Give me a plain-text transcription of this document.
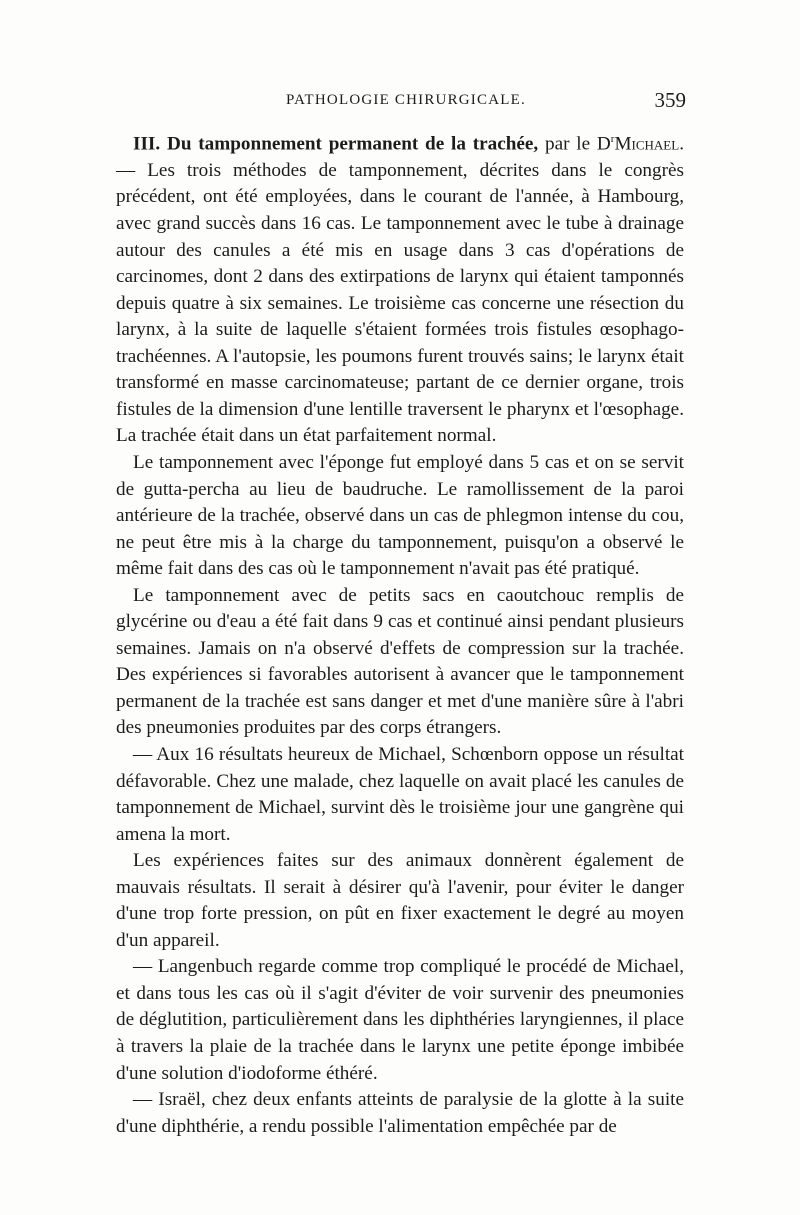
PATHOLOGIE CHIRURGICALE.	359

III. Du tamponnement permanent de la trachée, par le $D^rMichael$. — Les trois méthodes de tamponnement, décrites dans le congrès précédent, ont été employées, dans le courant de l'année, à Hambourg, avec grand succès dans 16 cas. Le tamponnement avec le tube à drainage autour des canules a été mis en usage dans 3 cas d'opérations de carcinomes, dont 2 dans des extirpations de larynx qui étaient tamponnés depuis quatre à six semaines. Le troisième cas concerne une résection du larynx, à la suite de laquelle s'étaient formées trois fistules œsophago-trachéennes. A l'autopsie, les poumons furent trouvés sains; le larynx était transformé en masse carcinomateuse; partant de ce dernier organe, trois fistules de la dimension d'une lentille traversent le pharynx et l'œsophage. La trachée était dans un état parfaitement normal.

Le tamponnement avec l'éponge fut employé dans 5 cas et on se servit de gutta-percha au lieu de baudruche. Le ramollissement de la paroi antérieure de la trachée, observé dans un cas de phlegmon intense du cou, ne peut être mis à la charge du tamponnement, puisqu'on a observé le même fait dans des cas où le tamponnement n'avait pas été pratiqué.

Le tamponnement avec de petits sacs en caoutchouc remplis de glycérine ou d'eau a été fait dans 9 cas et continué ainsi pendant plusieurs semaines. Jamais on n'a observé d'effets de compression sur la trachée. Des expériences si favorables autorisent à avancer que le tamponnement permanent de la trachée est sans danger et met d'une manière sûre à l'abri des pneumonies produites par des corps étrangers.

— Aux 16 résultats heureux de Michael, Schœnborn oppose un résultat défavorable. Chez une malade, chez laquelle on avait placé les canules de tamponnement de Michael, survint dès le troisième jour une gangrène qui amena la mort.

Les expériences faites sur des animaux donnèrent également de mauvais résultats. Il serait à désirer qu'à l'avenir, pour éviter le danger d'une trop forte pression, on pût en fixer exactement le degré au moyen d'un appareil.

— Langenbuch regarde comme trop compliqué le procédé de Michael, et dans tous les cas où il s'agit d'éviter de voir survenir des pneumonies de déglutition, particulièrement dans les diphthéries laryngiennes, il place à travers la plaie de la trachée dans le larynx une petite éponge imbibée d'une solution d'iodoforme éthéré.

— Israël, chez deux enfants atteints de paralysie de la glotte à la suite d'une diphthérie, a rendu possible l'alimentation empêchée par de
